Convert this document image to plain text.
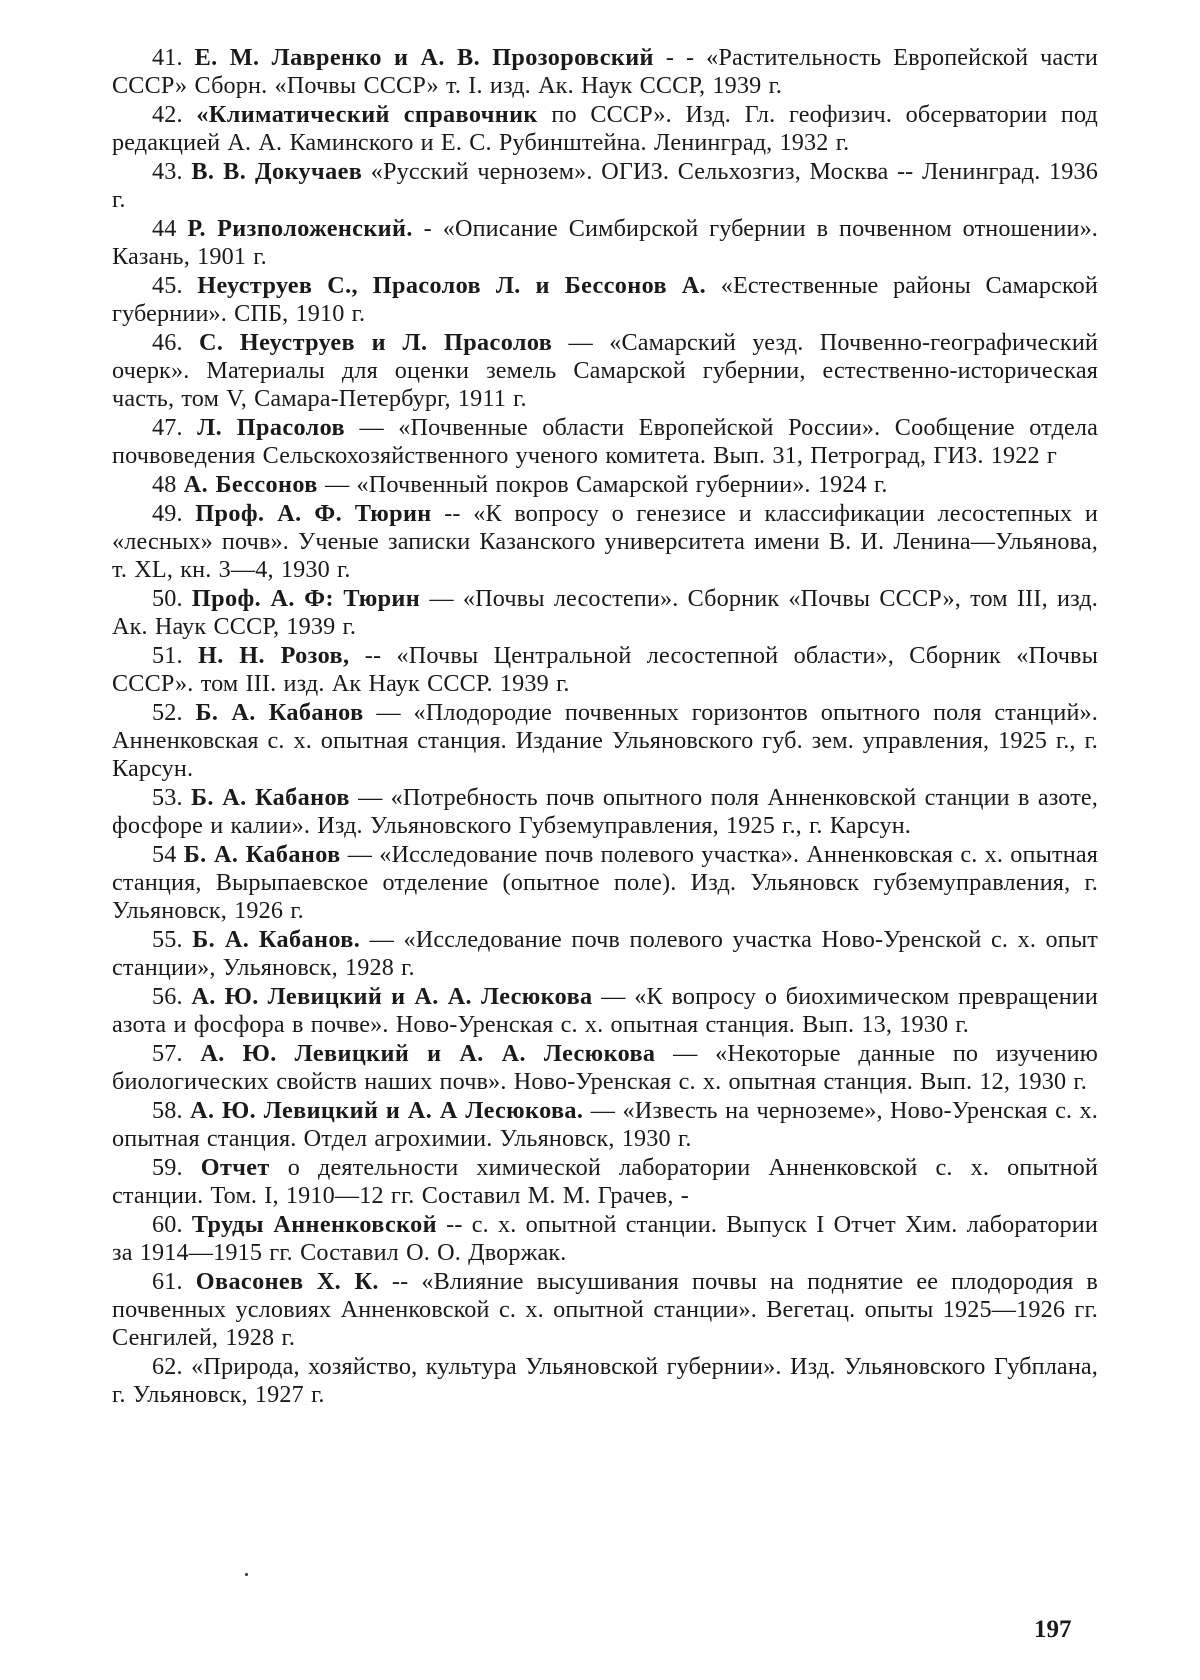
41. Е. М. Лавренко и А. В. Прозоровский - - «Растительность Европейской части СССР» Сборн. «Почвы СССР» т. I. изд. Ак. Наук СССР, 1939 г.

42. «Климатический справочник по СССР». Изд. Гл. геофизич. обсерватории под редакцией А. А. Каминского и Е. С. Рубинштейна. Ленинград, 1932 г.

43. В. В. Докучаев «Русский чернозем». ОГИЗ. Сельхозгиз, Москва -- Ленинград. 1936 г.

44 Р. Ризположенский. - «Описание Симбирской губернии в почвенном отношении». Казань, 1901 г.

45. Неуструев С., Прасолов Л. и Бессонов А. «Естественные районы Самарской губернии». СПБ, 1910 г.

46. С. Неуструев и Л. Прасолов — «Самарский уезд. Почвенно-географический очерк». Материалы для оценки земель Самарской губернии, естественно-историческая часть, том V, Самара-Петербург, 1911 г.

47. Л. Прасолов — «Почвенные области Европейской России». Сообщение отдела почвоведения Сельскохозяйственного ученого комитета. Вып. 31, Петроград, ГИЗ. 1922 г

48 А. Бессонов — «Почвенный покров Самарской губернии». 1924 г.

49. Проф. А. Ф. Тюрин -- «К вопросу о генезисе и классификации лесостепных и «лесных» почв». Ученые записки Казанского университета имени В. И. Ленина—Ульянова, т. XL, кн. 3—4, 1930 г.

50. Проф. А. Ф: Тюрин — «Почвы лесостепи». Сборник «Почвы СССР», том III, изд. Ак. Наук СССР, 1939 г.

51. Н. Н. Розов, -- «Почвы Центральной лесостепной области», Сборник «Почвы СССР». том III. изд. Ак Наук СССР. 1939 г.

52. Б. А. Кабанов — «Плодородие почвенных горизонтов опытного поля станций». Анненковская с. х. опытная станция. Издание Ульяновского губ. зем. управления, 1925 г., г. Карсун.

53. Б. А. Кабанов — «Потребность почв опытного поля Анненковской станции в азоте, фосфоре и калии». Изд. Ульяновского Губземуправления, 1925 г., г. Карсун.

54 Б. А. Кабанов — «Исследование почв полевого участка». Анненковская с. х. опытная станция, Вырыпаевское отделение (опытное поле). Изд. Ульяновск губземуправления, г. Ульяновск, 1926 г.

55. Б. А. Кабанов. — «Исследование почв полевого участка Ново-Уренской с. х. опыт станции», Ульяновск, 1928 г.

56. А. Ю. Левицкий и А. А. Лесюкова — «К вопросу о биохимическом превращении азота и фосфора в почве». Ново-Уренская с. х. опытная станция. Вып. 13, 1930 г.

57. А. Ю. Левицкий и А. А. Лесюкова — «Некоторые данные по изучению биологических свойств наших почв». Ново-Уренская с. х. опытная станция. Вып. 12, 1930 г.

58. А. Ю. Левицкий и А. А Лесюкова. — «Известь на черноземе», Ново-Уренская с. х. опытная станция. Отдел агрохимии. Ульяновск, 1930 г.

59. Отчет о деятельности химической лаборатории Анненковской с. х. опытной станции. Том. I, 1910—12 гг. Составил М. М. Грачев, -

60. Труды Анненковской -- с. х. опытной станции. Выпуск I Отчет Хим. лаборатории за 1914—1915 гг. Составил О. О. Дворжак.

61. Овасонев Х. К. -- «Влияние высушивания почвы на поднятие ее плодородия в почвенных условиях Анненковской с. х. опытной станции». Вегетац. опыты 1925—1926 гг. Сенгилей, 1928 г.

62. «Природа, хозяйство, культура Ульяновской губернии». Изд. Ульяновского Губплана, г. Ульяновск, 1927 г.

197
